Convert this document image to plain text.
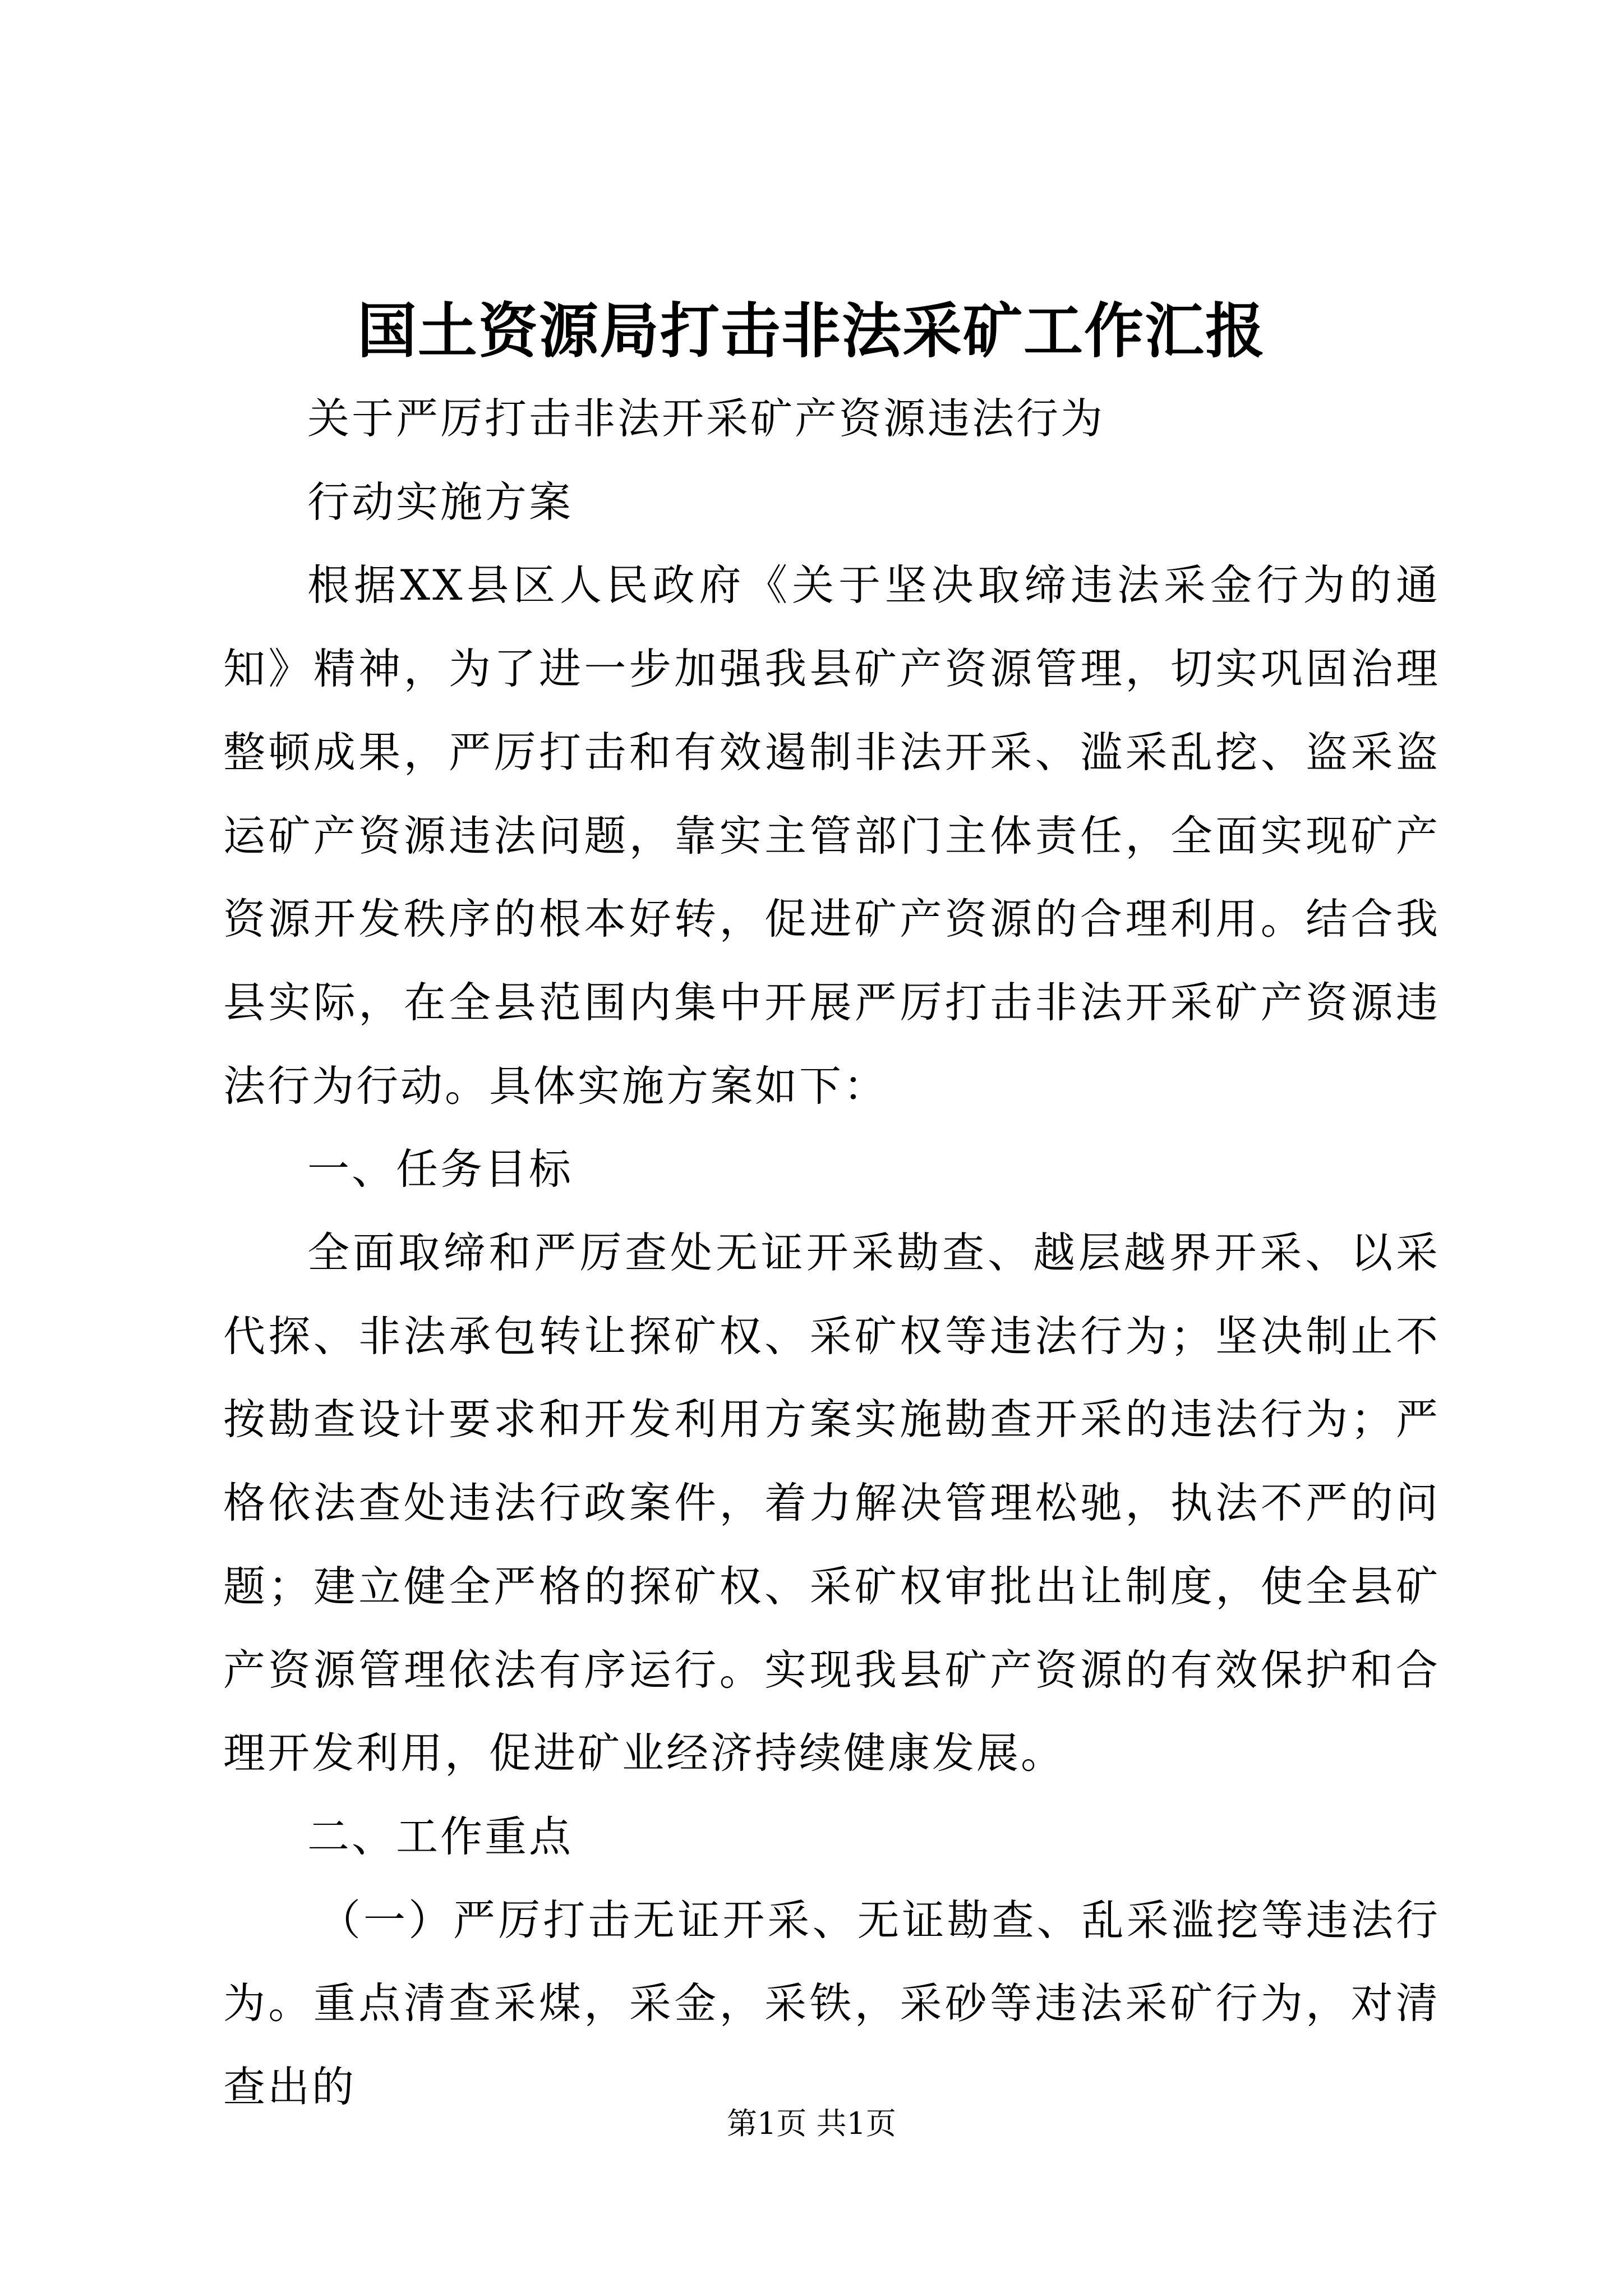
国土资源局打击非法采矿工作汇报

关于严厉打击非法开采矿产资源违法行为

行动实施方案

根据XX县区人民政府《关于坚决取缔违法采金行为的通知》精神，为了进一步加强我县矿产资源管理，切实巩固治理整顿成果，严厉打击和有效遏制非法开采、滥采乱挖、盗采盗运矿产资源违法问题，靠实主管部门主体责任，全面实现矿产资源开发秩序的根本好转，促进矿产资源的合理利用。结合我县实际，在全县范围内集中开展严厉打击非法开采矿产资源违法行为行动。具体实施方案如下：

一、任务目标

全面取缔和严厉查处无证开采勘查、越层越界开采、以采代探、非法承包转让探矿权、采矿权等违法行为；坚决制止不按勘查设计要求和开发利用方案实施勘查开采的违法行为；严格依法查处违法行政案件，着力解决管理松驰，执法不严的问题；建立健全严格的探矿权、采矿权审批出让制度，使全县矿产资源管理依法有序运行。实现我县矿产资源的有效保护和合理开发利用，促进矿业经济持续健康发展。

二、工作重点

（一）严厉打击无证开采、无证勘查、乱采滥挖等违法行为。重点清查采煤，采金，采铁，采砂等违法采矿行为，对清查出的

第1页 共1页
